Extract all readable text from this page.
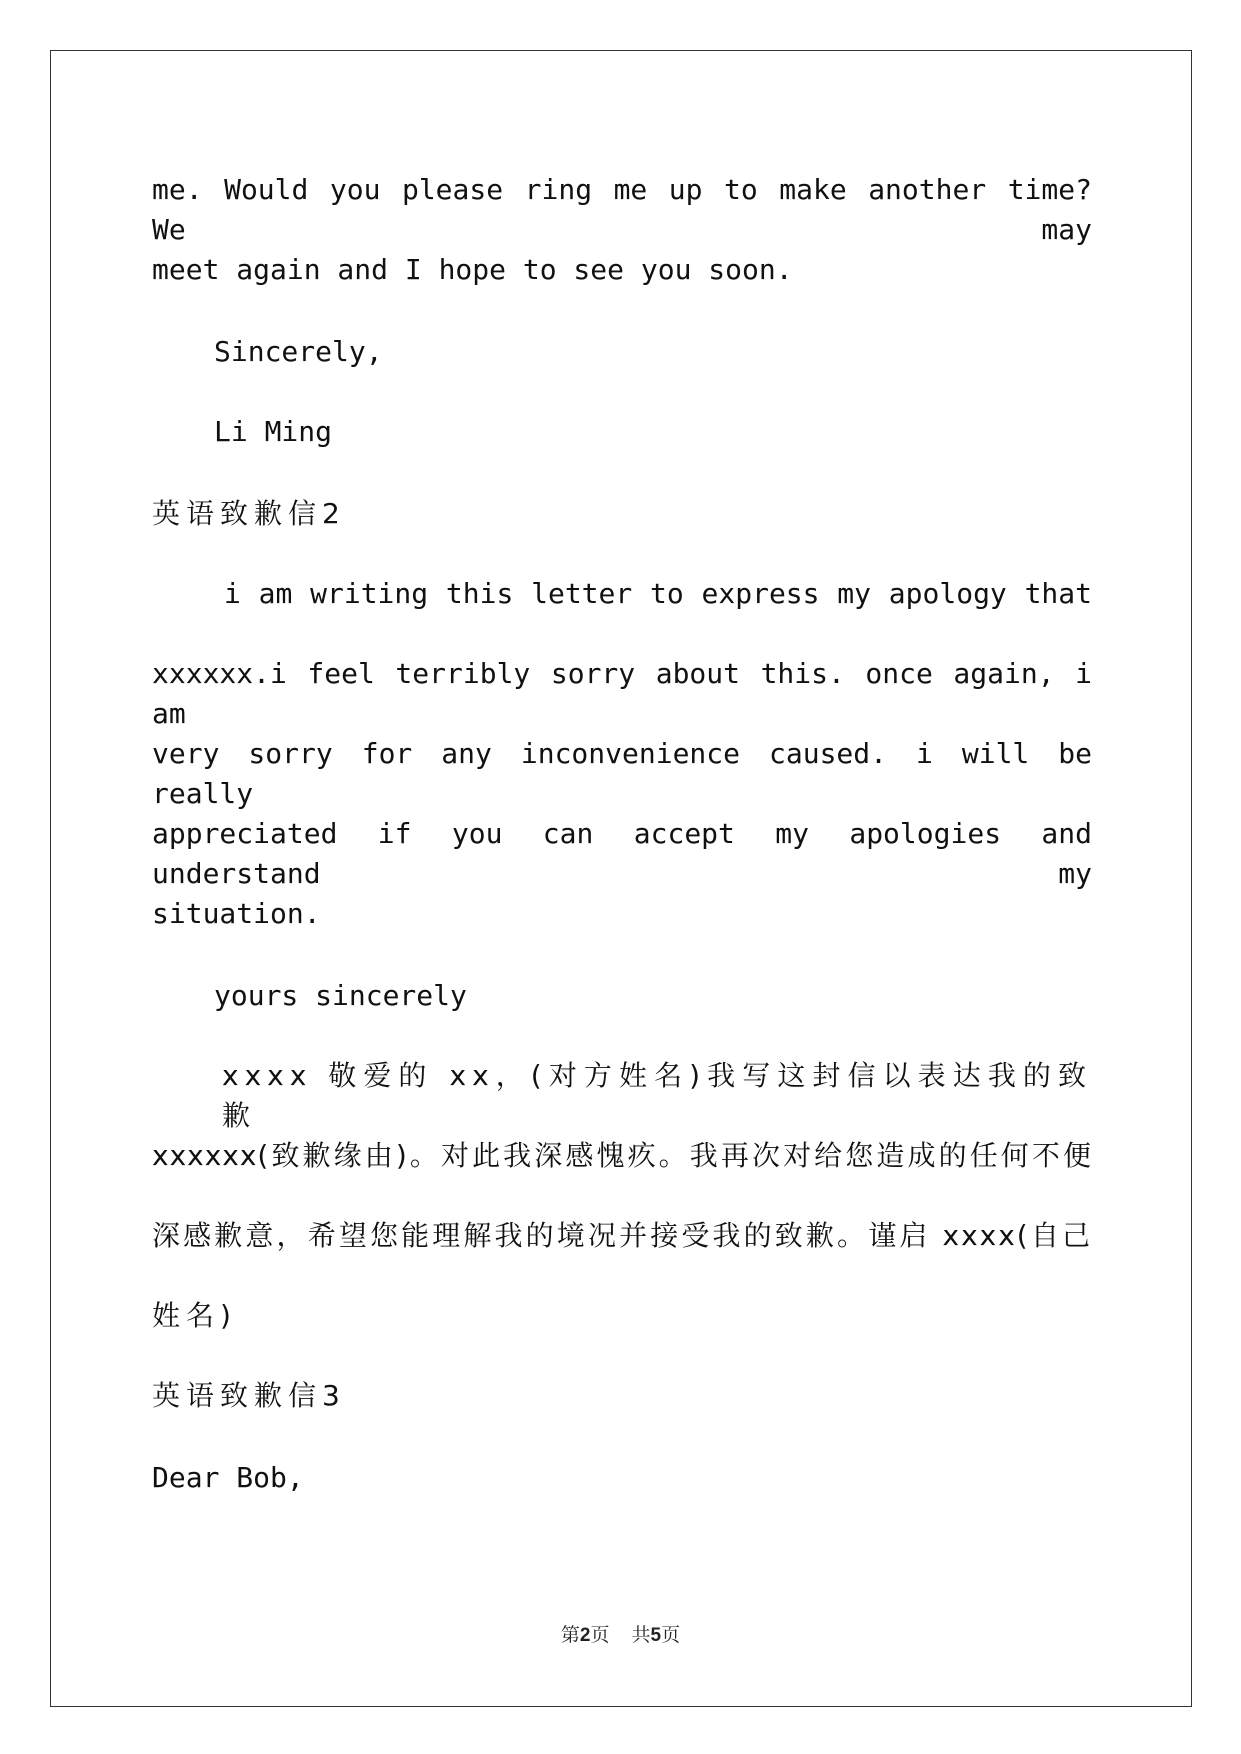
me. Would you please ring me up to make another time? We may
meet again and I hope to see you soon.
Sincerely,
Li Ming
英语致歉信2
i am writing this letter to express my apology that
xxxxxx.i feel terribly sorry about this. once again, i am
very sorry for any inconvenience caused. i will be really
appreciated if you can accept my apologies and understand my
situation.
yours sincerely
xxxx 敬爱的 xx，(对方姓名)我写这封信以表达我的致歉
xxxxxx(致歉缘由)。对此我深感愧疚。我再次对给您造成的任何不便
深感歉意，希望您能理解我的境况并接受我的致歉。谨启 xxxx(自己
姓名)
英语致歉信3
Dear Bob,
第2页 共5页
